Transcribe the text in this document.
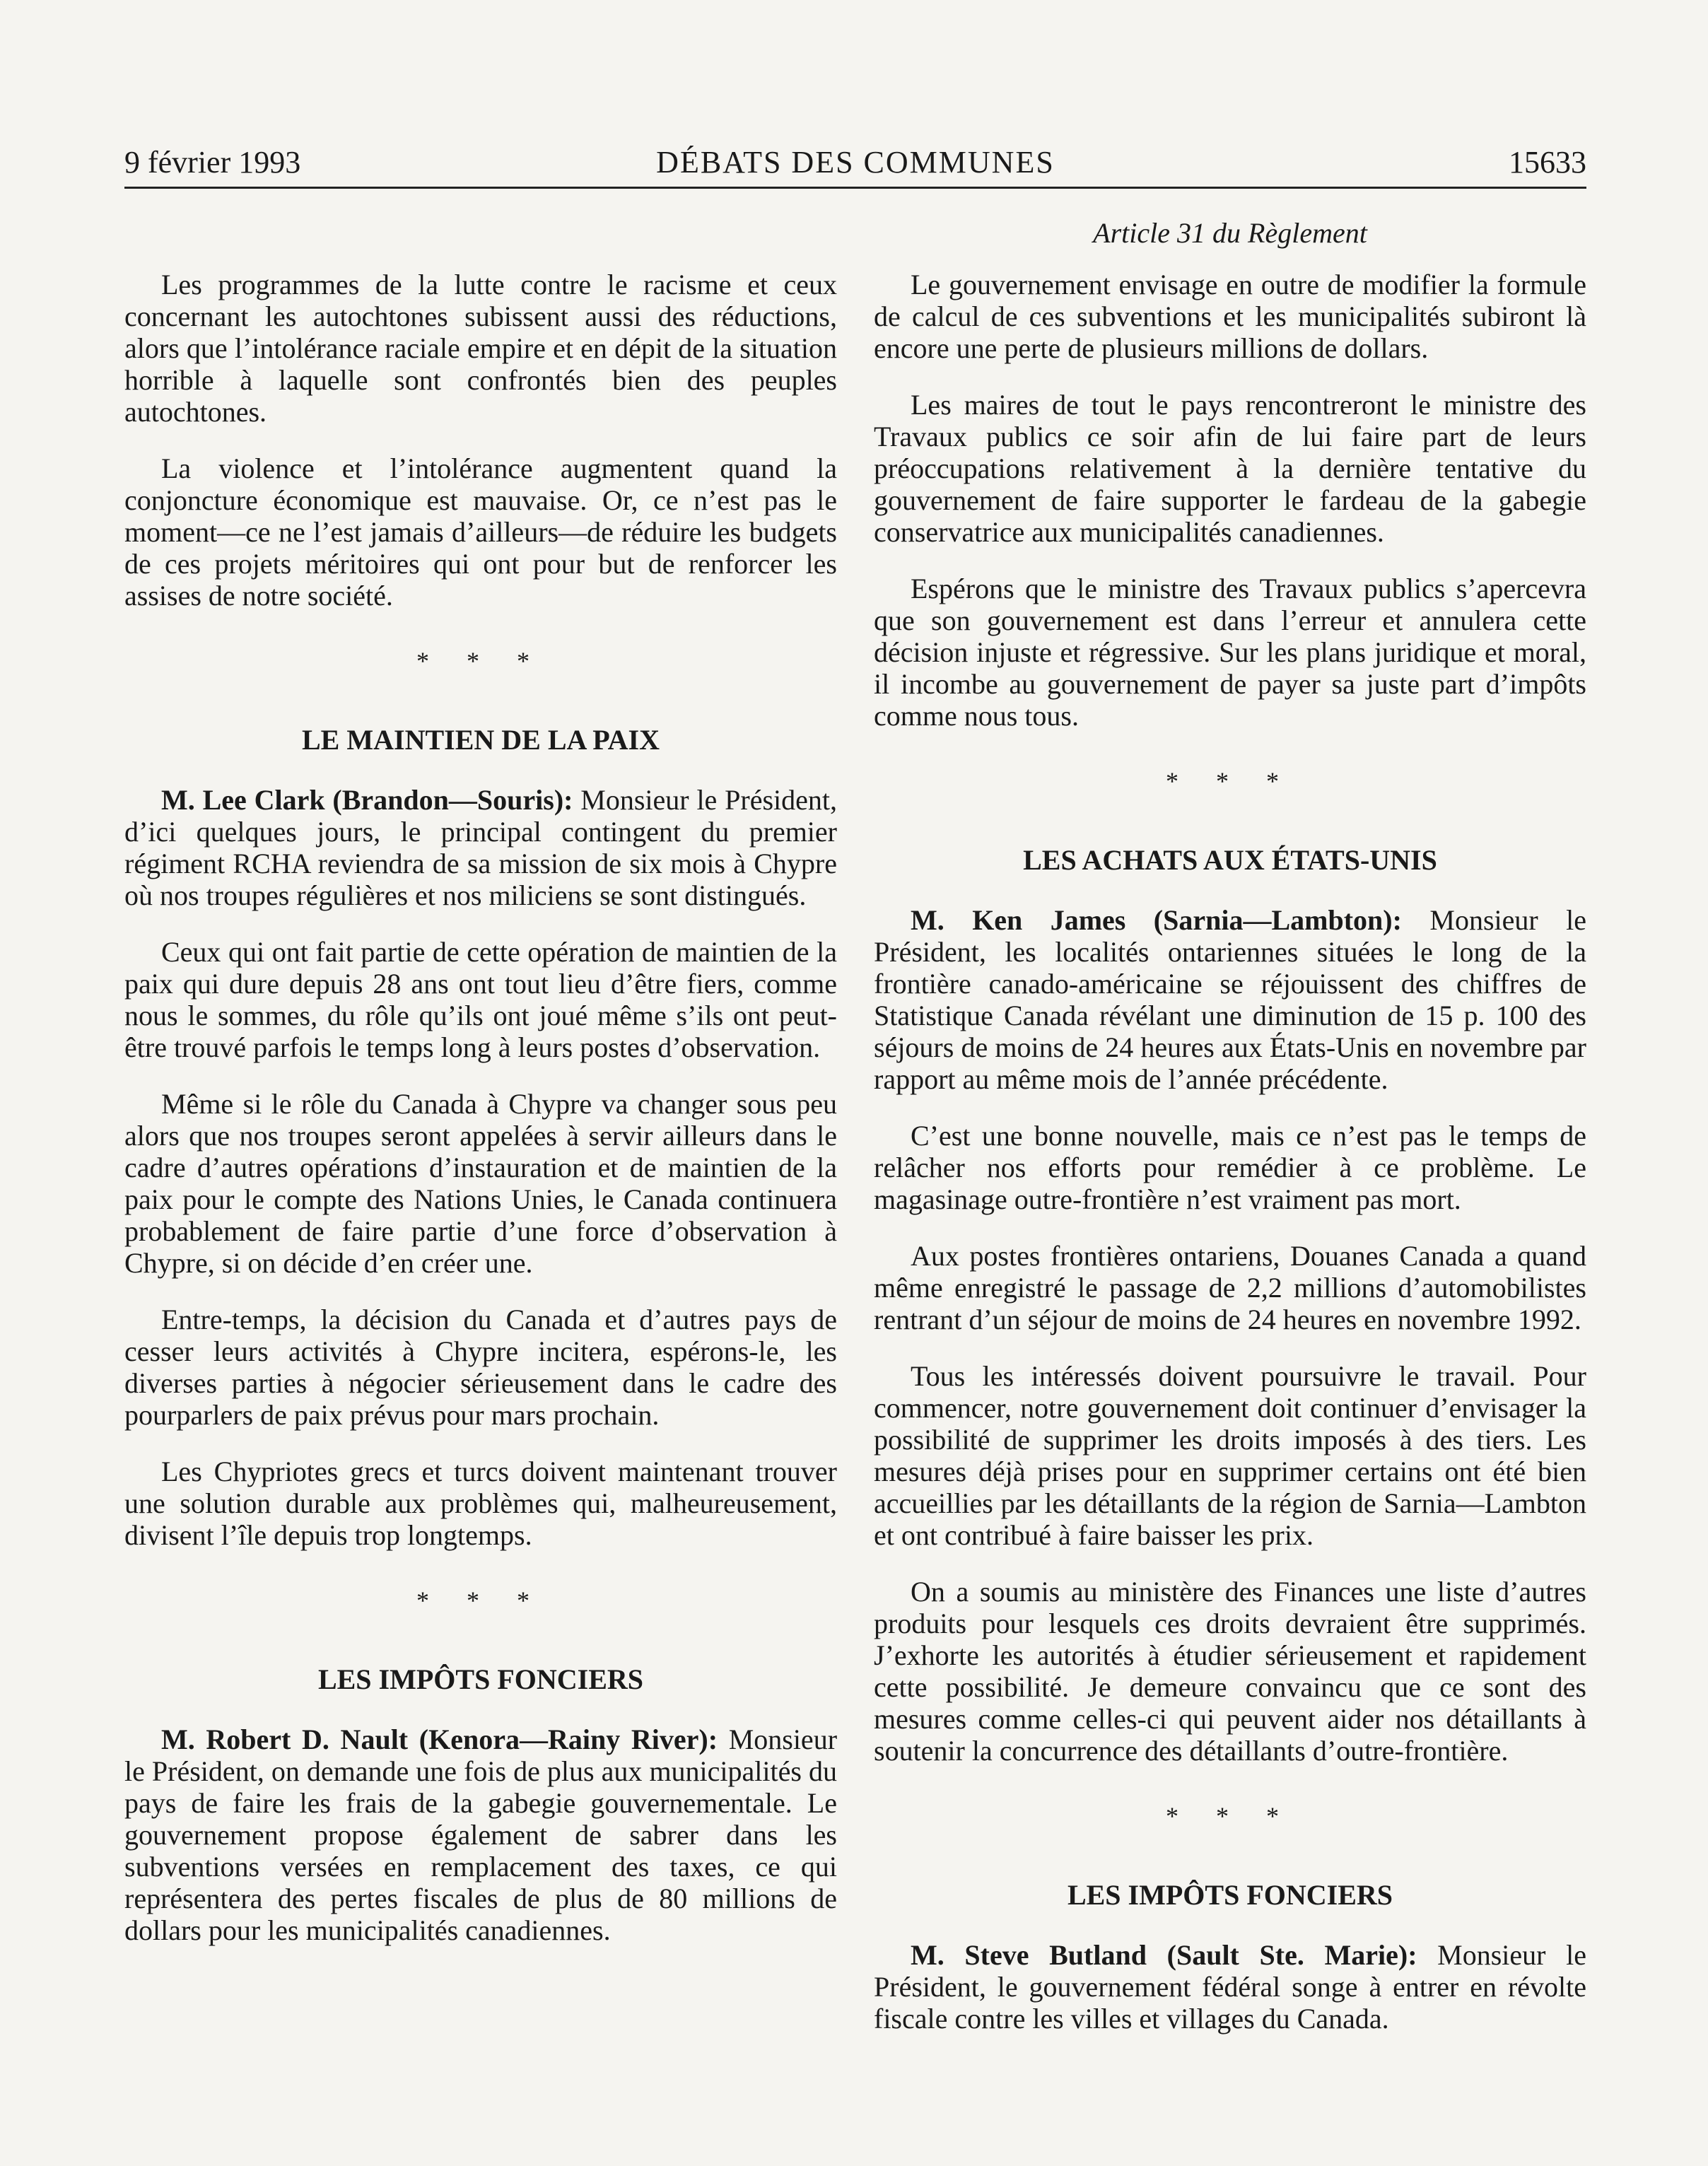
9 février 1993	DÉBATS DES COMMUNES	15633
Article 31 du Règlement

Les programmes de la lutte contre le racisme et ceux concernant les autochtones subissent aussi des réductions, alors que l’intolérance raciale empire et en dépit de la situation horrible à laquelle sont confrontés bien des peuples autochtones.

La violence et l’intolérance augmentent quand la conjoncture économique est mauvaise. Or, ce n’est pas le moment—ce ne l’est jamais d’ailleurs—de réduire les budgets de ces projets méritoires qui ont pour but de renforcer les assises de notre société.

* * *
LE MAINTIEN DE LA PAIX

M. Lee Clark (Brandon—Souris): Monsieur le Président, d’ici quelques jours, le principal contingent du premier régiment RCHA reviendra de sa mission de six mois à Chypre où nos troupes régulières et nos miliciens se sont distingués.

Ceux qui ont fait partie de cette opération de maintien de la paix qui dure depuis 28 ans ont tout lieu d’être fiers, comme nous le sommes, du rôle qu’ils ont joué même s’ils ont peut-être trouvé parfois le temps long à leurs postes d’observation.

Même si le rôle du Canada à Chypre va changer sous peu alors que nos troupes seront appelées à servir ailleurs dans le cadre d’autres opérations d’instauration et de maintien de la paix pour le compte des Nations Unies, le Canada continuera probablement de faire partie d’une force d’observation à Chypre, si on décide d’en créer une.

Entre-temps, la décision du Canada et d’autres pays de cesser leurs activités à Chypre incitera, espérons-le, les diverses parties à négocier sérieusement dans le cadre des pourparlers de paix prévus pour mars prochain.

Les Chypriotes grecs et turcs doivent maintenant trouver une solution durable aux problèmes qui, malheureusement, divisent l’île depuis trop longtemps.

* * *
LES IMPÔTS FONCIERS

M. Robert D. Nault (Kenora—Rainy River): Monsieur le Président, on demande une fois de plus aux municipalités du pays de faire les frais de la gabegie gouvernementale. Le gouvernement propose également de sabrer dans les subventions versées en remplacement des taxes, ce qui représentera des pertes fiscales de plus de 80 millions de dollars pour les municipalités canadiennes.

Le gouvernement envisage en outre de modifier la formule de calcul de ces subventions et les municipalités subiront là encore une perte de plusieurs millions de dollars.

Les maires de tout le pays rencontreront le ministre des Travaux publics ce soir afin de lui faire part de leurs préoccupations relativement à la dernière tentative du gouvernement de faire supporter le fardeau de la gabegie conservatrice aux municipalités canadiennes.

Espérons que le ministre des Travaux publics s’apercevra que son gouvernement est dans l’erreur et annulera cette décision injuste et régressive. Sur les plans juridique et moral, il incombe au gouvernement de payer sa juste part d’impôts comme nous tous.

* * *
LES ACHATS AUX ÉTATS-UNIS

M. Ken James (Sarnia—Lambton): Monsieur le Président, les localités ontariennes situées le long de la frontière canado-américaine se réjouissent des chiffres de Statistique Canada révélant une diminution de 15 p. 100 des séjours de moins de 24 heures aux États-Unis en novembre par rapport au même mois de l’année précédente.

C’est une bonne nouvelle, mais ce n’est pas le temps de relâcher nos efforts pour remédier à ce problème. Le magasinage outre-frontière n’est vraiment pas mort.

Aux postes frontières ontariens, Douanes Canada a quand même enregistré le passage de 2,2 millions d’automobilistes rentrant d’un séjour de moins de 24 heures en novembre 1992.

Tous les intéressés doivent poursuivre le travail. Pour commencer, notre gouvernement doit continuer d’envisager la possibilité de supprimer les droits imposés à des tiers. Les mesures déjà prises pour en supprimer certains ont été bien accueillies par les détaillants de la région de Sarnia—Lambton et ont contribué à faire baisser les prix.

On a soumis au ministère des Finances une liste d’autres produits pour lesquels ces droits devraient être supprimés. J’exhorte les autorités à étudier sérieusement et rapidement cette possibilité. Je demeure convaincu que ce sont des mesures comme celles-ci qui peuvent aider nos détaillants à soutenir la concurrence des détaillants d’outre-frontière.

* * *
LES IMPÔTS FONCIERS

M. Steve Butland (Sault Ste. Marie): Monsieur le Président, le gouvernement fédéral songe à entrer en révolte fiscale contre les villes et villages du Canada.
